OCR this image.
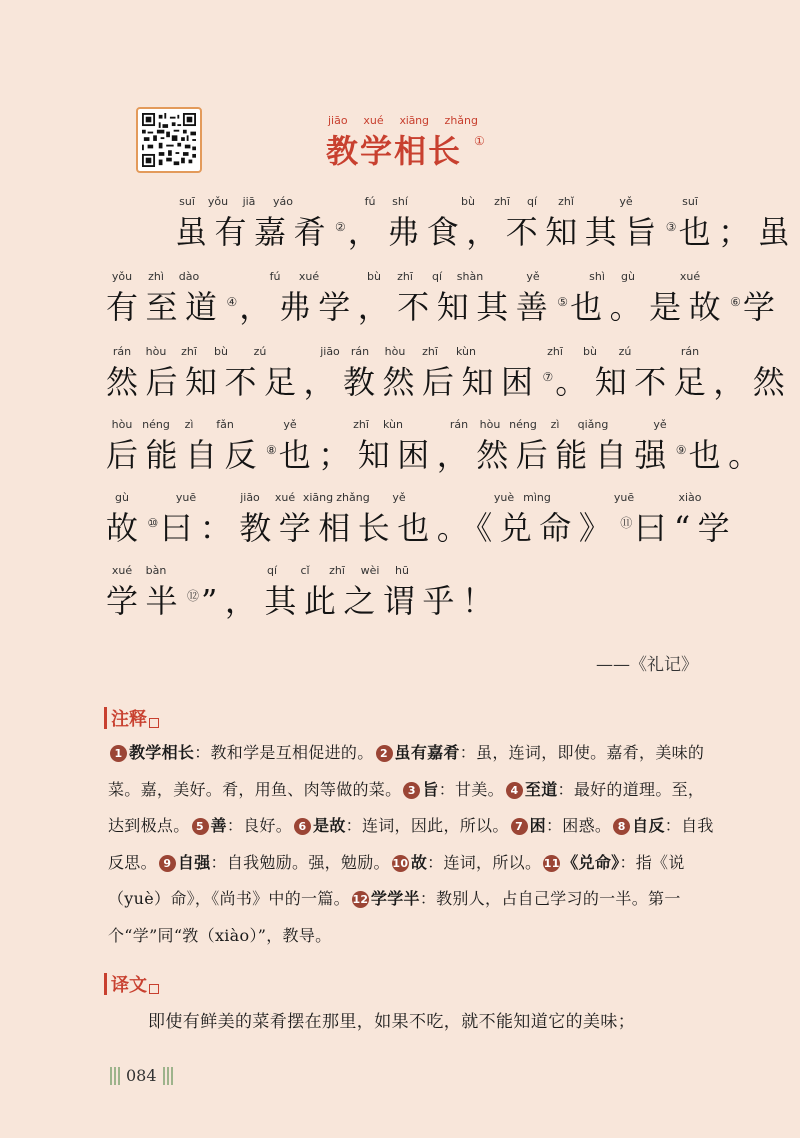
jiāo xué xiāng zhǎng
教学相长 ①
suī yǒu jiā yáo	fú shí	bù zhī qí zhǐ	yě	suī
虽有嘉肴 ②，弗食，不知其旨 ③也；虽
yǒu zhì dào	fú xué	bù zhī qí shàn	yě	shì gù	xué
有至道 ④，弗学，不知其善 ⑤也。是故 ⑥学
rán hòu zhī bù zú	jiāo rán hòu zhī kùn	zhī bù zú	rán
然后知不足，教然后知困 ⑦。知不足，然
hòu néng zì fǎn	yě	zhī kùn	rán hòu néng zì qiǎng	yě
后能自反 ⑧也；知困，然后能自强 ⑨也。
gù	yuē	jiāo xué xiāng zhǎng yě	yuè mìng	yuē	xiào
故 ⑩曰：教学相长也。《兑命》 ⑪曰“学
xué bàn	qí cǐ zhī wèi hū
学半 ⑫”，其此之谓乎！
——《礼记》
注释
1 教学相长：教和学是互相促进的。 2 虽有嘉肴：虽，连词，即使。嘉肴，美味的菜。嘉，美好。肴，用鱼、肉等做的菜。 3 旨：甘美。 4 至道：最好的道理。至，达到极点。 5 善：良好。 6 是故：连词，因此，所以。 7 困：困惑。 8 自反：自我反思。 9 自强：自我勉励。强，勉励。 10 故：连词，所以。 11 《兑命》：指《说（yuè）命》，《尚书》中的一篇。 12 学学半：教别人，占自己学习的一半。第一个“学”同“敩（xiào）”，教导。
译文
即使有鲜美的菜肴摆在那里，如果不吃，就不能知道它的美味；
084
